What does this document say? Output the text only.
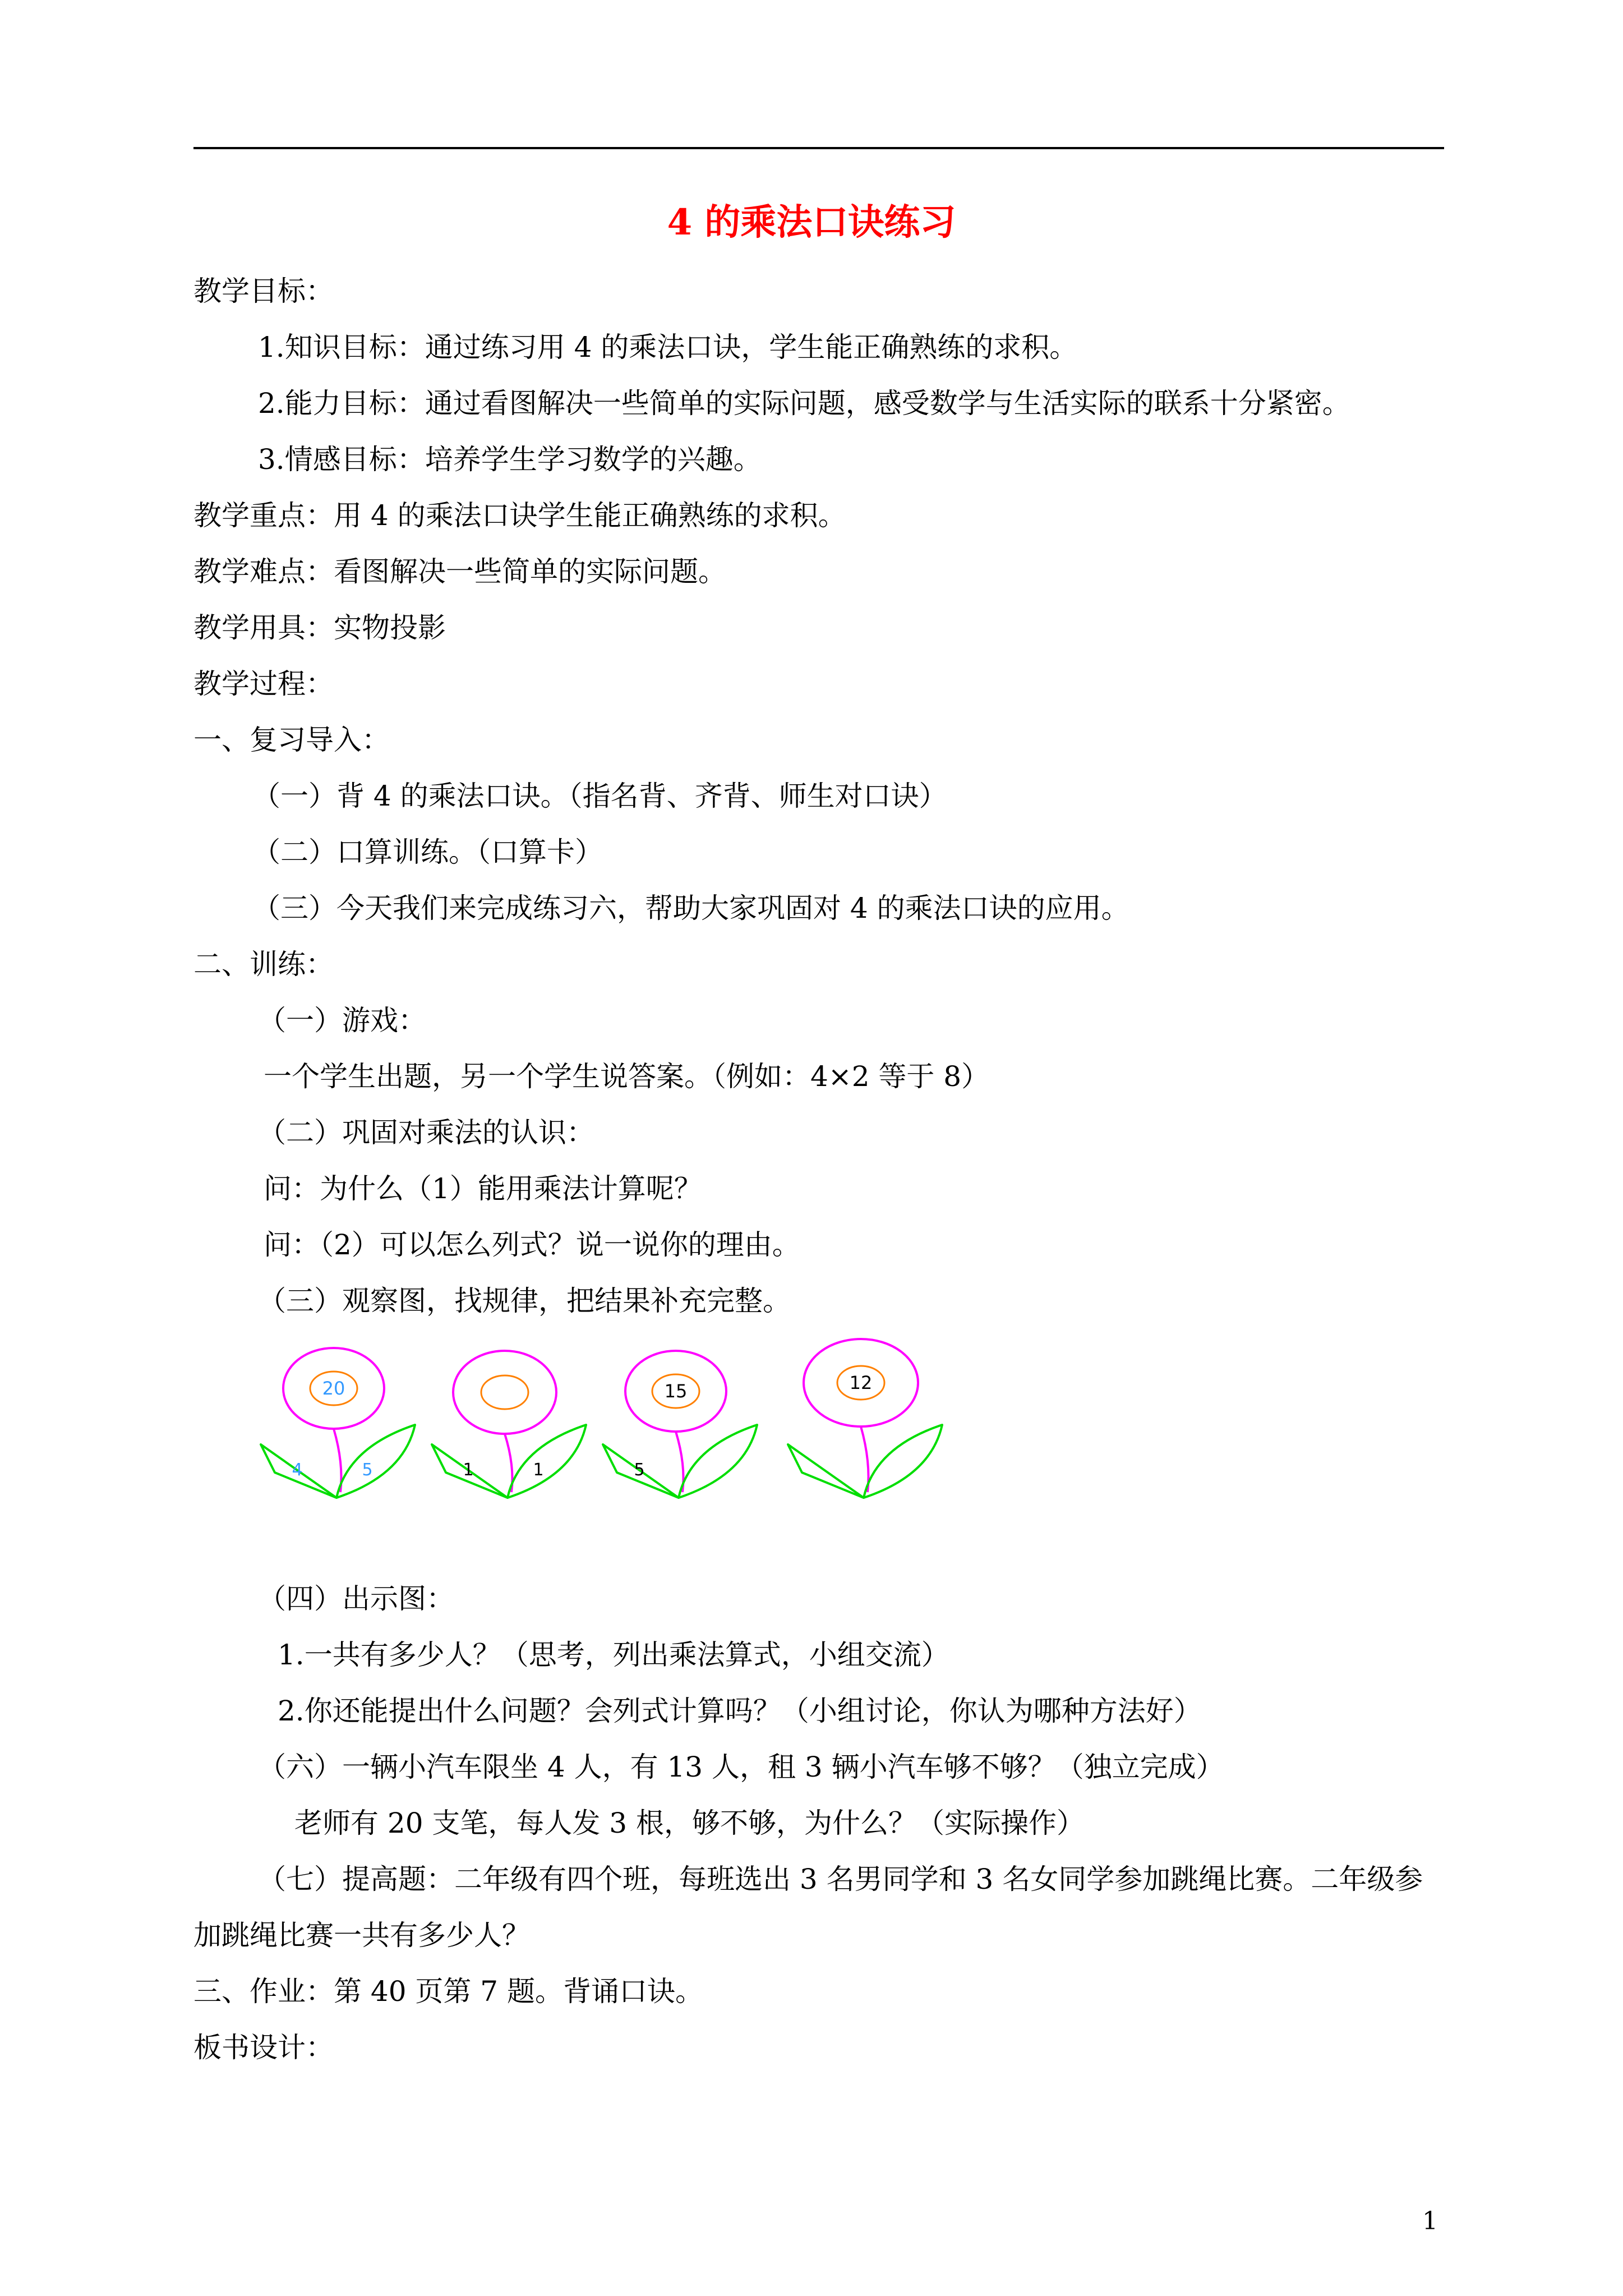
4 的乘法口诀练习
教学目标：
1.知识目标：通过练习用 4 的乘法口诀，学生能正确熟练的求积。
2.能力目标：通过看图解决一些简单的实际问题，感受数学与生活实际的联系十分紧密。
3.情感目标：培养学生学习数学的兴趣。
教学重点：用 4 的乘法口诀学生能正确熟练的求积。
教学难点：看图解决一些简单的实际问题。
教学用具：实物投影
教学过程：
一、复习导入：
（一）背 4 的乘法口诀。（指名背、齐背、师生对口诀）
（二）口算训练。（口算卡）
（三）今天我们来完成练习六，帮助大家巩固对 4 的乘法口诀的应用。
二、训练：
（一）游戏：
一个学生出题，另一个学生说答案。（例如：4×2 等于 8）
（二）巩固对乘法的认识：
问：为什么（1）能用乘法计算呢？
问：（2）可以怎么列式？说一说你的理由。
（三）观察图，找规律，把结果补充完整。
20
4	5	1	1
15
5
12
（四）出示图：
1.一共有多少人？（思考，列出乘法算式，小组交流）
2.你还能提出什么问题？会列式计算吗？（小组讨论，你认为哪种方法好）
（六）一辆小汽车限坐 4 人，有 13 人，租 3 辆小汽车够不够？（独立完成）
老师有 20 支笔，每人发 3 根，够不够，为什么？（实际操作）
（七）提高题：二年级有四个班，每班选出 3 名男同学和 3 名女同学参加跳绳比赛。二年级参
加跳绳比赛一共有多少人？
三、作业：第 40 页第 7 题。背诵口诀。
板书设计：
1
